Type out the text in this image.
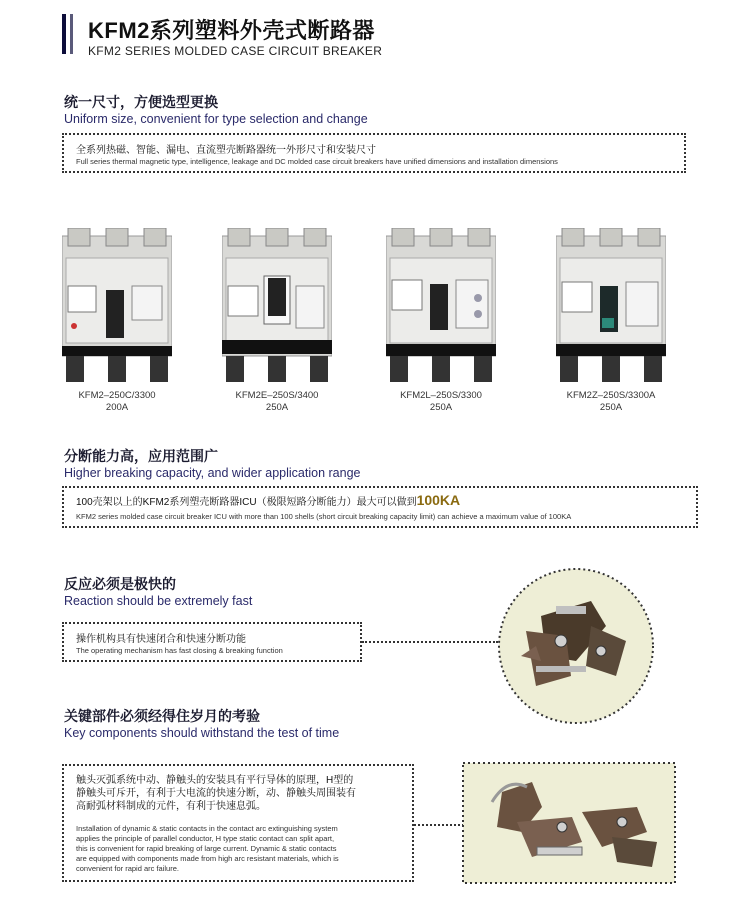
KFM2系列塑料外壳式断路器
KFM2 SERIES MOLDED CASE CIRCUIT BREAKER
统一尺寸，方便选型更换
Uniform size, convenient for type selection and change
全系列热磁、智能、漏电、直流塑壳断路器统一外形尺寸和安装尺寸
Full series thermal magnetic type, intelligence, leakage and DC molded case circuit breakers have unified dimensions and installation dimensions
KFM2–250C/3300
200A
KFM2E–250S/3400
250A
KFM2L–250S/3300
250A
KFM2Z–250S/3300A
250A
分断能力高，应用范围广
Higher breaking capacity, and wider application range
100壳架以上的KFM2系列塑壳断路器ICU（极限短路分断能力）最大可以做到100KA
KFM2 series molded case circuit breaker ICU with more than 100 shells (short circuit breaking capacity limit) can achieve a maximum value of 100KA
反应必须是极快的
Reaction should be extremely fast
操作机构具有快速闭合和快速分断功能
The operating mechanism has fast closing & breaking function
关键部件必须经得住岁月的考验
Key components should withstand the test of time
触头灭弧系统中动、静触头的安装具有平行导体的原理，H型的
静触头可斥开，有利于大电流的快速分断，动、静触头周围装有
高耐弧材料制成的元件，有利于快速息弧。
Installation of dynamic & static contacts in the contact arc extinguishing system
applies the principle of parallel conductor, H type static contact can split apart,
this is convenient for rapid breaking of large current. Dynamic & static contacts
are equipped with components made from high arc resistant materials, which is
convenient for rapid arc failure.
